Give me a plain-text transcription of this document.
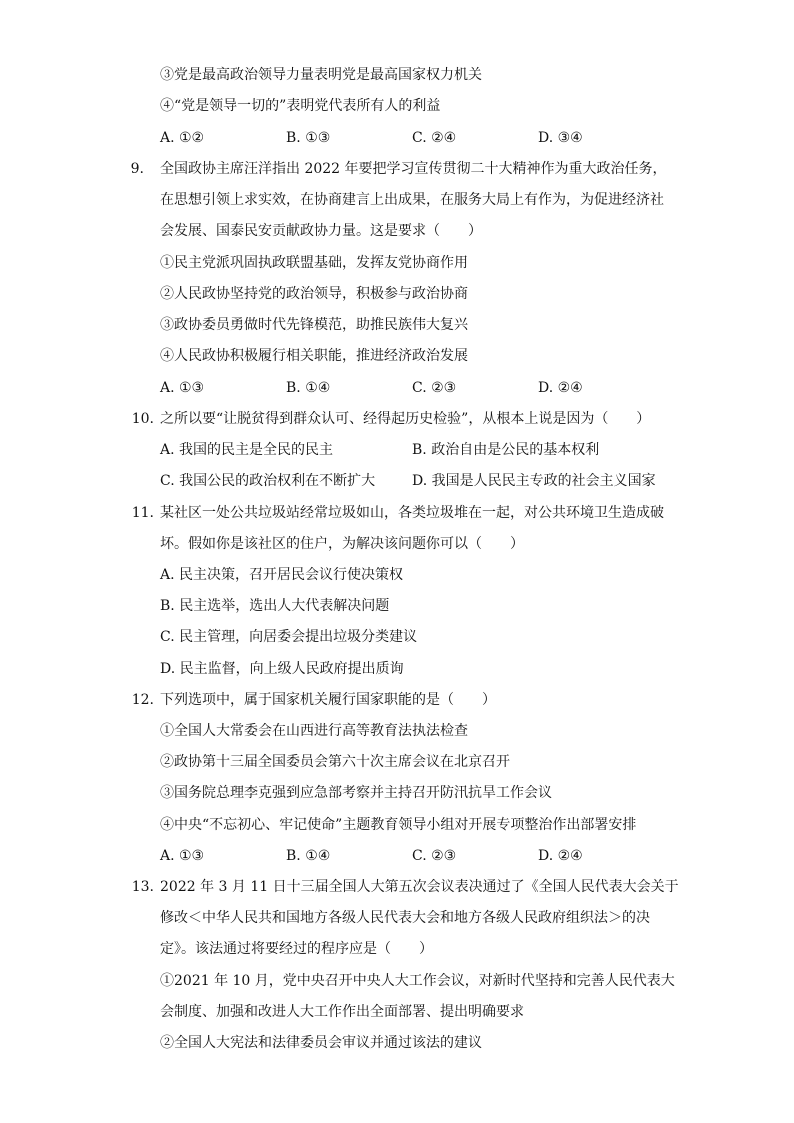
③党是最高政治领导力量表明党是最高国家权力机关
④“党是领导一切的”表明党代表所有人的利益
A. ①②	B. ①③	C. ②④	D. ③④
9. 全国政协主席汪洋指出 2022 年要把学习宣传贯彻二十大精神作为重大政治任务，
在思想引领上求实效，在协商建言上出成果，在服务大局上有作为，为促进经济社
会发展、国泰民安贡献政协力量。这是要求（　　）
①民主党派巩固执政联盟基础，发挥友党协商作用
②人民政协坚持党的政治领导，积极参与政治协商
③政协委员勇做时代先锋模范，助推民族伟大复兴
④人民政协积极履行相关职能，推进经济政治发展
A. ①③	B. ①④	C. ②③	D. ②④
10. 之所以要“让脱贫得到群众认可、经得起历史检验”，从根本上说是因为（　　）
A. 我国的民主是全民的民主	B. 政治自由是公民的基本权利
C. 我国公民的政治权利在不断扩大	D. 我国是人民民主专政的社会主义国家
11. 某社区一处公共垃圾站经常垃圾如山，各类垃圾堆在一起，对公共环境卫生造成破
坏。假如你是该社区的住户，为解决该问题你可以（　　）
A. 民主决策，召开居民会议行使决策权
B. 民主选举，选出人大代表解决问题
C. 民主管理，向居委会提出垃圾分类建议
D. 民主监督，向上级人民政府提出质询
12. 下列选项中，属于国家机关履行国家职能的是（　　）
①全国人大常委会在山西进行高等教育法执法检查
②政协第十三届全国委员会第六十次主席会议在北京召开
③国务院总理李克强到应急部考察并主持召开防汛抗旱工作会议
④中央“不忘初心、牢记使命”主题教育领导小组对开展专项整治作出部署安排
A. ①③	B. ①④	C. ②③	D. ②④
13. 2022 年 3 月 11 日十三届全国人大第五次会议表决通过了《全国人民代表大会关于
修改＜中华人民共和国地方各级人民代表大会和地方各级人民政府组织法＞的决
定》。该法通过将要经过的程序应是（　　）
①2021 年 10 月，党中央召开中央人大工作会议，对新时代坚持和完善人民代表大
会制度、加强和改进人大工作作出全面部署、提出明确要求
②全国人大宪法和法律委员会审议并通过该法的建议
